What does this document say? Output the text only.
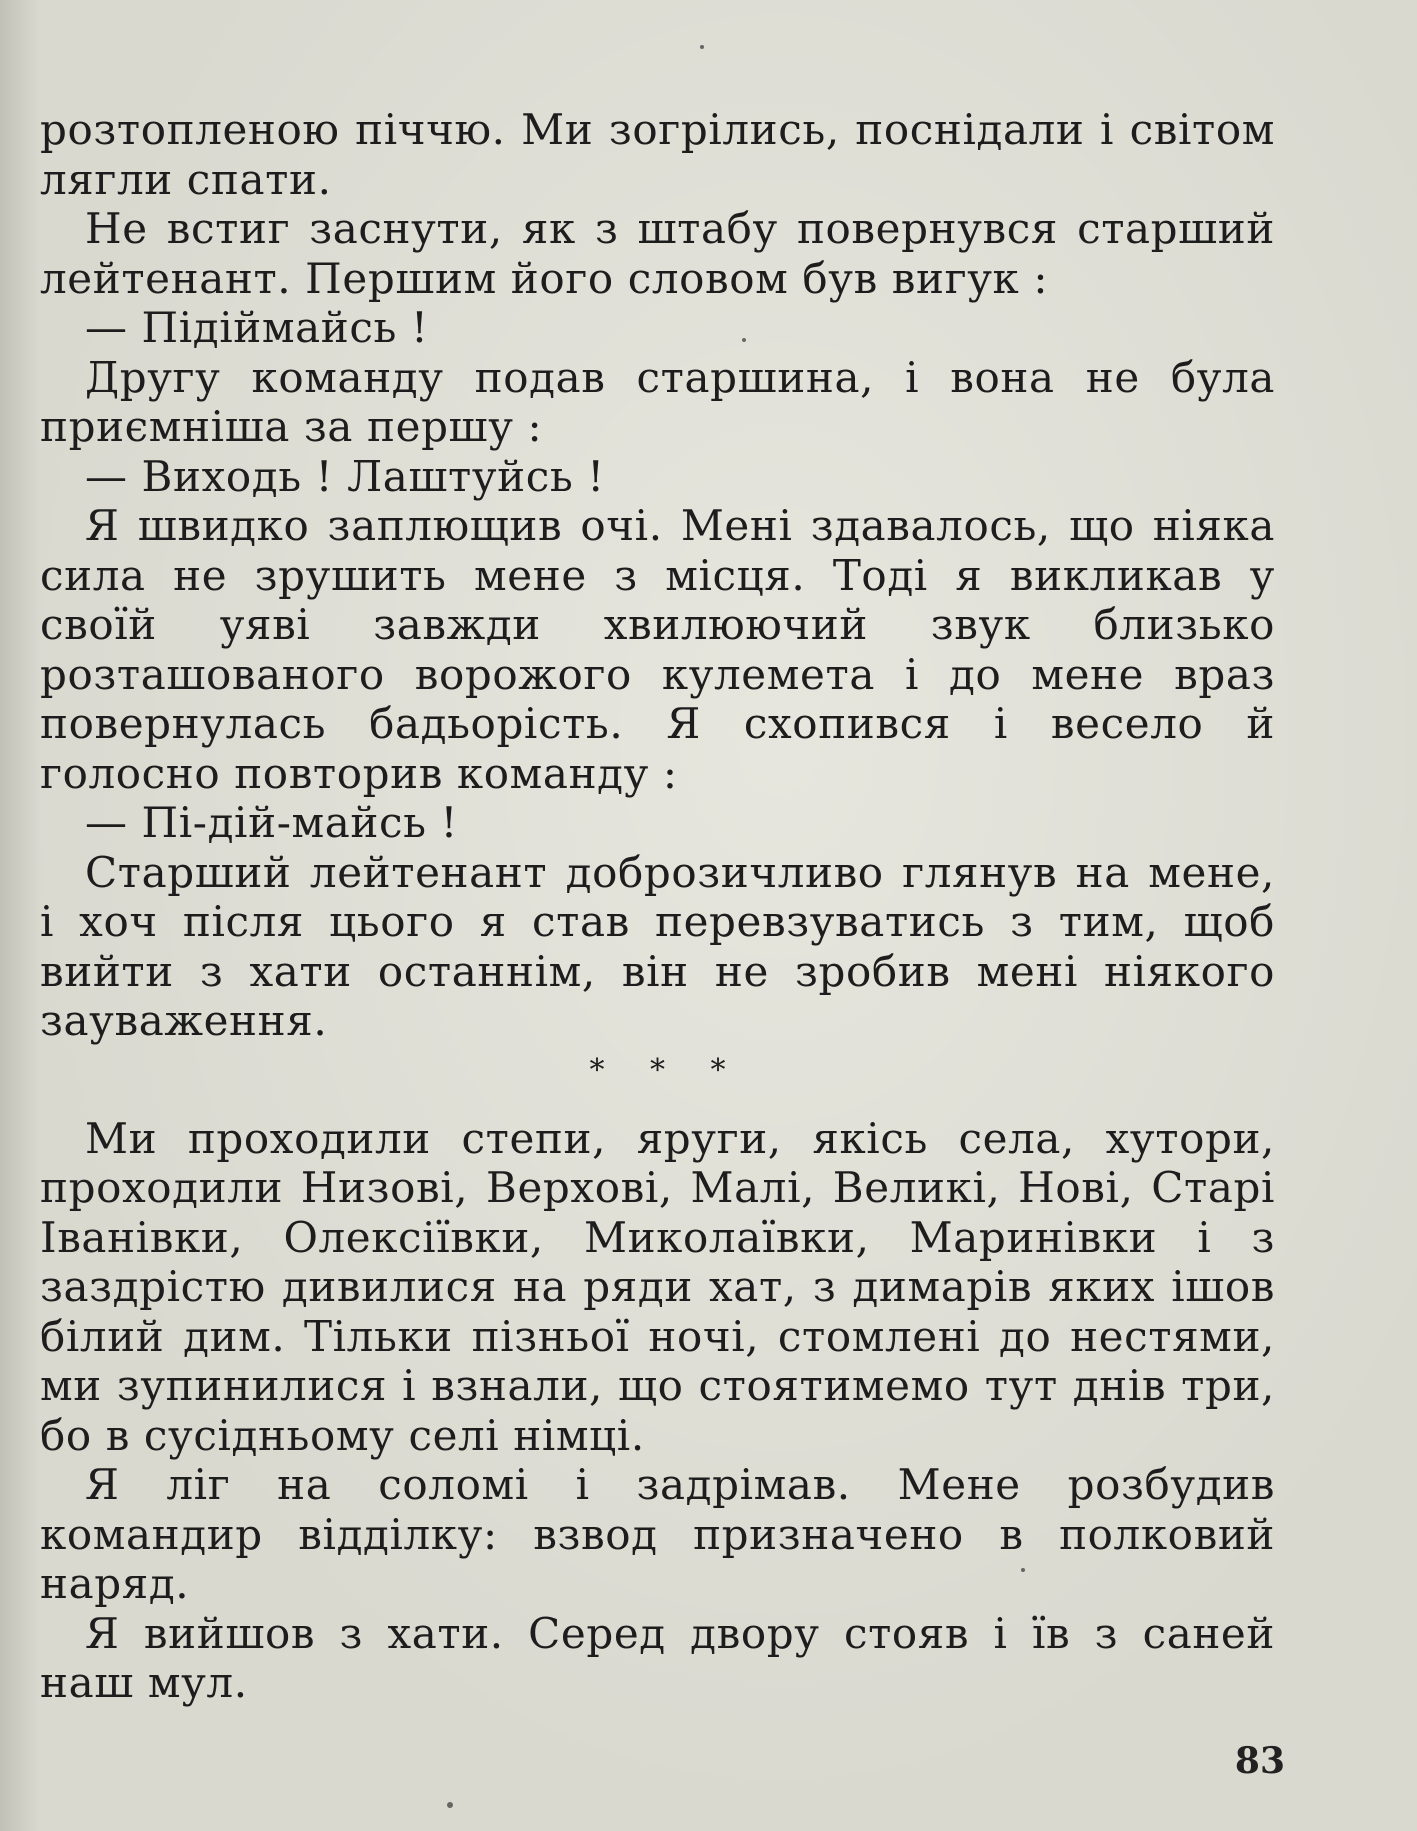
розтопленою піччю. Ми зогрілись, поснідали і світом лягли спати.

Не встиг заснути, як з штабу повернувся старший лейтенант. Першим його словом був вигук :

— Підіймайсь !

Другу команду подав старшина, і вона не була приємніша за першу :

— Виходь ! Лаштуйсь !

Я швидко заплющив очі. Мені здавалось, що ніяка сила не зрушить мене з місця. Тоді я викликав у своїй уяві завжди хвилюючий звук близько розташованого ворожого кулемета і до мене враз повернулась бадьорість. Я схопився і весело й голосно повторив команду :

— Пі-дій-майсь !

Старший лейтенант доброзичливо глянув на мене, і хоч після цього я став перевзуватись з тим, щоб вийти з хати останнім, він не зробив мені ніякого зауваження.

* * *

Ми проходили степи, яруги, якісь села, хутори, проходили Низові, Верхові, Малі, Великі, Нові, Старі Іванівки, Олексіївки, Миколаївки, Маринівки і з заздрістю дивилися на ряди хат, з димарів яких ішов білий дим. Тільки пізньої ночі, стомлені до нестями, ми зупинилися і взнали, що стоятимемо тут днів три, бо в сусідньому селі німці.

Я ліг на соломі і задрімав. Мене розбудив командир відділку: взвод призначено в полковий наряд.

Я вийшов з хати. Серед двору стояв і їв з саней наш мул.

83
